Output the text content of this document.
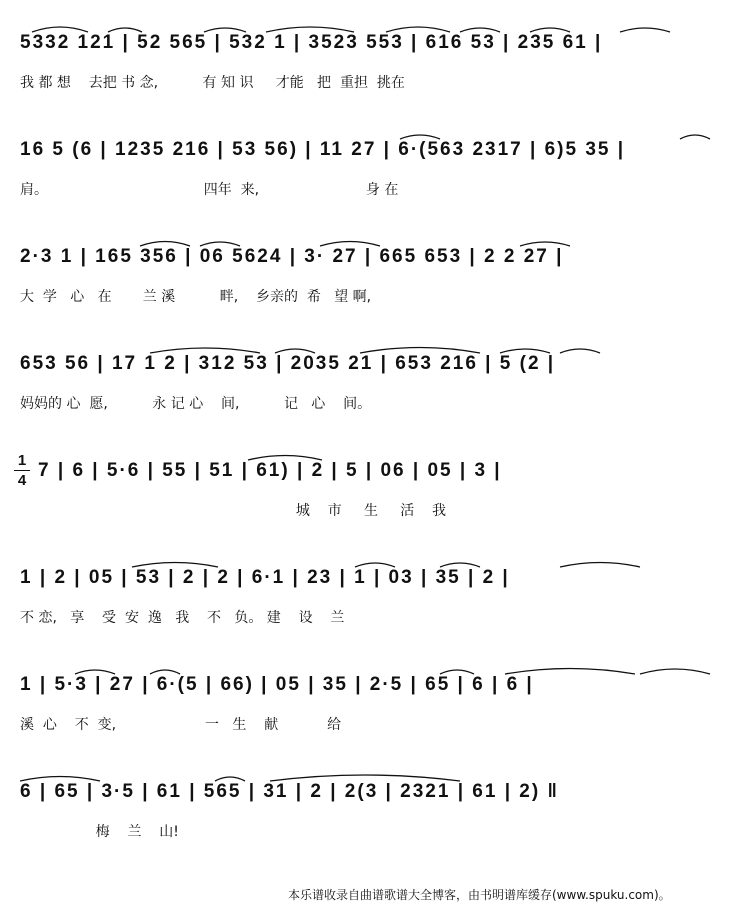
5332 121 | 52 565 | 532 1 | 3523 553 | 616 53 | 235 61 |
我 都 想    去把 书 念,          有 知 识     才能   把  重担  挑在
16 5 (6 | 1235 216 | 53 56) | 11 27 | 6·(563 2317 | 6)5 35 |
肩。                                   四年  来,                        身 在
2·3 1 | 165 356 | 06 5624 | 3· 27 | 665 653 | 2 2 27 |
大  学   心   在       兰 溪          畔,    乡亲的  希   望 啊,
653 56 | 17 1 2 | 312 53 | 2035 21 | 653 216 | 5 (2 |
妈妈的 心  愿,          永 记 心    间,          记   心    间。
1
4 7 | 6 | 5·6 | 55 | 51 | 61) | 2 | 5 | 06 | 05 | 3 |
城    市     生     活    我
1 | 2 | 05 | 53 | 2 | 2 | 6·1 | 23 | 1 | 03 | 35 | 2 |
不 恋,   享    受  安  逸   我    不   负。 建    设    兰
1 | 5·3 | 27 | 6·(5 | 66) | 05 | 35 | 2·5 | 65 | 6 | 6 |
溪  心    不  变,                    一   生    献           给
6 | 65 | 3·5 | 61 | 565 | 31 | 2 | 2(3 | 2321 | 61 | 2) ‖
梅    兰    山!
本乐谱收录自曲谱歌谱大全博客，由书明谱库缓存(www.spuku.com)。
